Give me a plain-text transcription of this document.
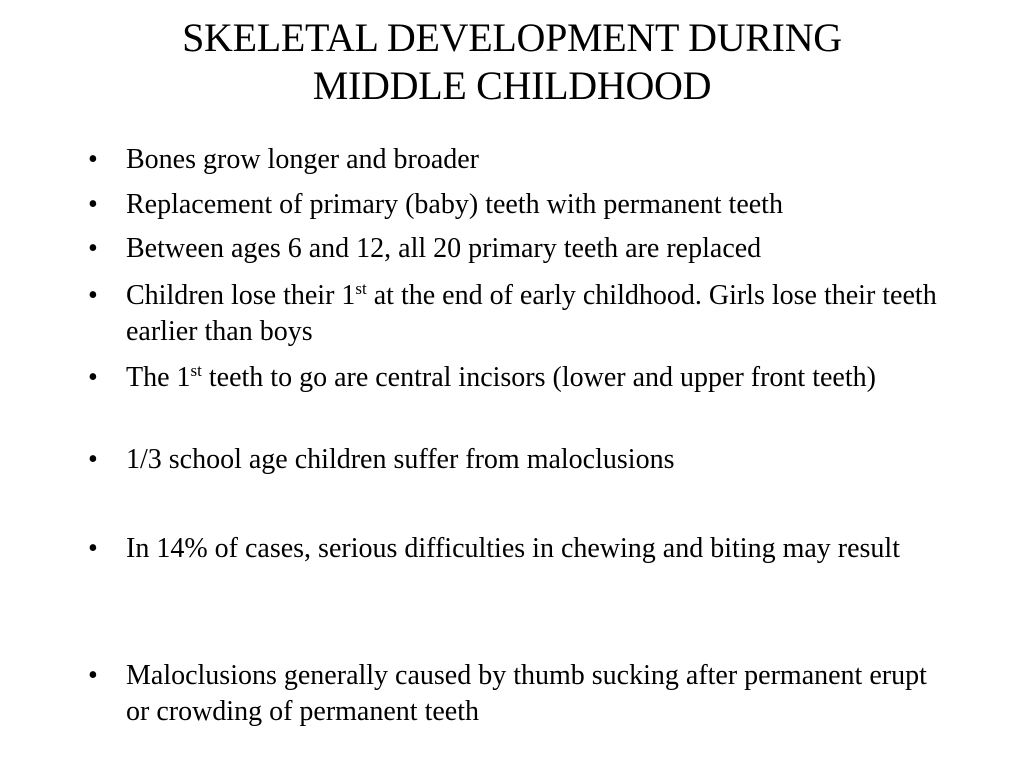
SKELETAL DEVELOPMENT DURING
MIDDLE CHILDHOOD
• Bones grow longer and broader
• Replacement of primary (baby) teeth with permanent teeth
• Between ages 6 and 12, all 20 primary teeth are replaced
• Children lose their 1st at the end of early childhood. Girls lose their teeth earlier than boys
• The 1st teeth to go are central incisors (lower and upper front teeth)
• 1/3 school age children suffer from maloclusions
• In 14% of cases, serious difficulties in chewing and biting may result
• Maloclusions generally caused by thumb sucking after permanent erupt or crowding of permanent teeth
